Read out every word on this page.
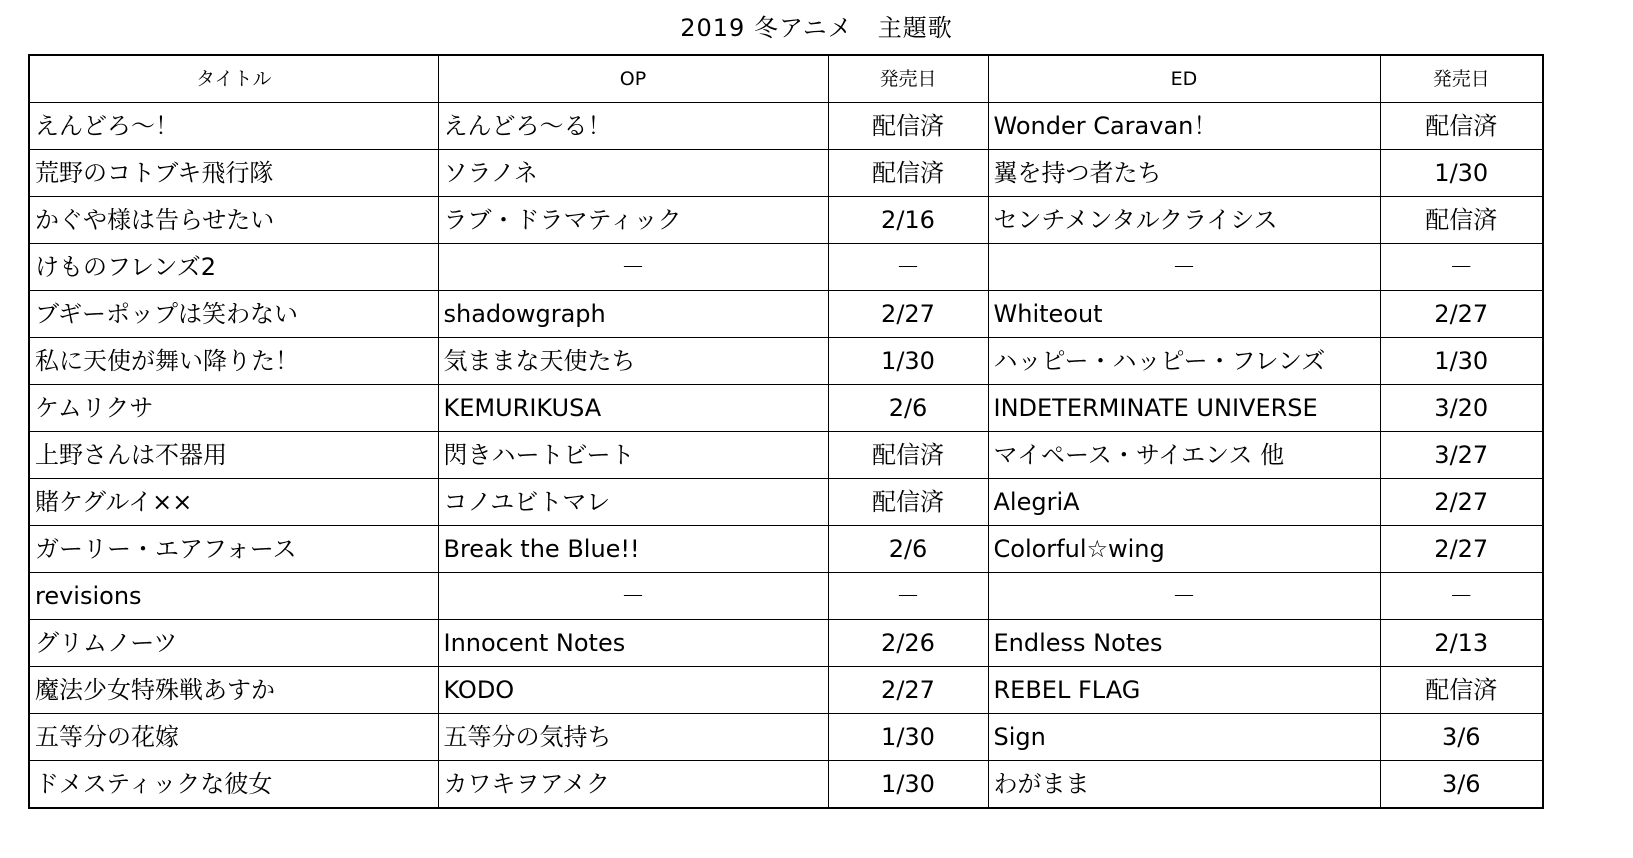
2019 冬アニメ　主題歌
タイトル	OP	発売日	ED	発売日
えんどろ～！	えんどろ～る！	配信済	Wonder Caravan！	配信済
荒野のコトブキ飛行隊	ソラノネ	配信済	翼を持つ者たち	1/30
かぐや様は告らせたい	ラブ・ドラマティック	2/16	センチメンタルクライシス	配信済
けものフレンズ2	－	－	－	－
ブギーポップは笑わない	shadowgraph	2/27	Whiteout	2/27
私に天使が舞い降りた！	気ままな天使たち	1/30	ハッピー・ハッピー・フレンズ	1/30
ケムリクサ	KEMURIKUSA	2/6	INDETERMINATE UNIVERSE	3/20
上野さんは不器用	閃きハートビート	配信済	マイペース・サイエンス 他	3/27
賭ケグルイ××	コノユビトマレ	配信済	AlegriA	2/27
ガーリー・エアフォース	Break the Blue!!	2/6	Colorful☆wing	2/27
revisions	－	－	－	－
グリムノーツ	Innocent Notes	2/26	Endless Notes	2/13
魔法少女特殊戦あすか	KODO	2/27	REBEL FLAG	配信済
五等分の花嫁	五等分の気持ち	1/30	Sign	3/6
ドメスティックな彼女	カワキヲアメク	1/30	わがまま	3/6
